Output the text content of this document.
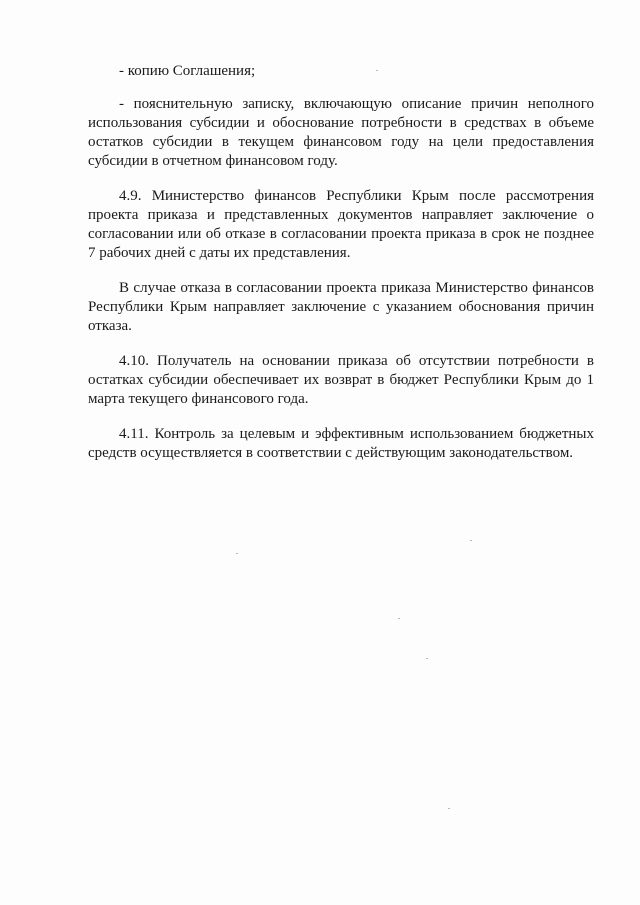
- копию Соглашения;

- пояснительную записку, включающую описание причин неполного использования субсидии и обоснование потребности в средствах в объеме остатков субсидии в текущем финансовом году на цели предоставления субсидии в отчетном финансовом году.

4.9. Министерство финансов Республики Крым после рассмотрения проекта приказа и представленных документов направляет заключение о согласовании или об отказе в согласовании проекта приказа в срок не позднее 7 рабочих дней с даты их представления.

В случае отказа в согласовании проекта приказа Министерство финансов Республики Крым направляет заключение с указанием обоснования причин отказа.

4.10. Получатель на основании приказа об отсутствии потребности в остатках субсидии обеспечивает их возврат в бюджет Республики Крым до 1 марта текущего финансового года.

4.11. Контроль за целевым и эффективным использованием бюджетных средств осуществляется в соответствии с действующим законодательством.
